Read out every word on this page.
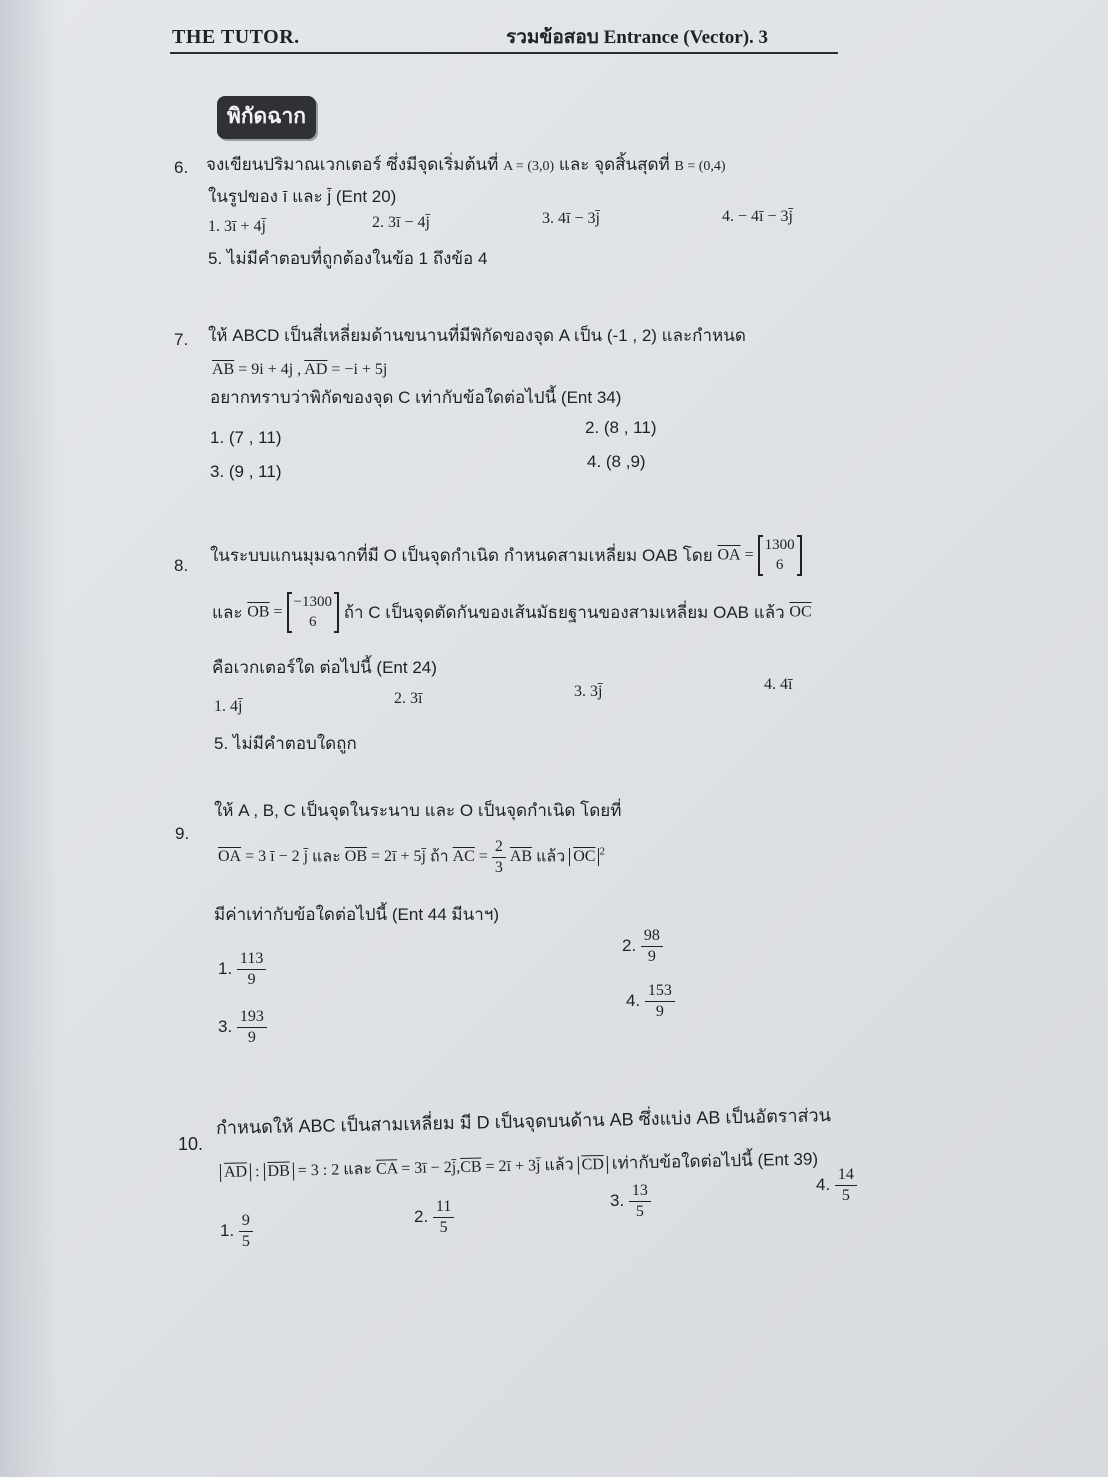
THE TUTOR.	รวมข้อสอบ Entrance (Vector). 3
พิกัดฉาก
6. จงเขียนปริมาณเวกเตอร์ ซึ่งมีจุดเริ่มต้นที่ A = (3,0) และ จุดสิ้นสุดที่ B = (0,4)
ในรูปของ ī และ j̄ (Ent 20)
1. 3ī + 4j̄	2. 3ī − 4j̄	3. 4ī − 3j̄	4. − 4ī − 3j̄
5. ไม่มีคำตอบที่ถูกต้องในข้อ 1 ถึงข้อ 4
7. ให้ ABCD เป็นสี่เหลี่ยมด้านขนานที่มีพิกัดของจุด A เป็น (-1 , 2) และกำหนด
$\overline{AB} = 9i + 4j$ , $\overline{AD} = -i + 5j$
อยากทราบว่าพิกัดของจุด C เท่ากับข้อใดต่อไปนี้ (Ent 34)
1. (7 , 11)
2. (8 , 11)
3. (9 , 11)
4. (8 ,9)
8.
ในระบบแกนมุมฉากที่มี O เป็นจุดกำเนิด กำหนดสามเหลี่ยม OAB โดย $\overline{OA}$ =
1300
6
และ $\overline{OB}$ =
−1300
6
ถ้า C เป็นจุดตัดกันของเส้นมัธยฐานของสามเหลี่ยม OAB แล้ว $\overline{OC}$
คือเวกเตอร์ใด ต่อไปนี้ (Ent 24)
1. 4j̄	2. 3ī	3. 3j̄	4. 4ī
5. ไม่มีคำตอบใดถูก
9.
ให้ A , B, C เป็นจุดในระนาบ และ O เป็นจุดกำเนิด โดยที่
$\overline{OA} = 3$ ī − 2 j̄ และ $\overline{OB}$ = 2ī + 5j̄ ถ้า $\overline{AC} = \frac{2}{3} \overline{AB}$ แล้ว $\overline{OC}$ $^2$
มีค่าเท่ากับข้อใดต่อไปนี้ (Ent 44 มีนาฯ)
1. $\frac{113}{9}$
2. $\frac{98}{9}$
3. $\frac{193}{9}$
4. $\frac{153}{9}$
10.
กำหนดให้ ABC เป็นสามเหลี่ยม มี D เป็นจุดบนด้าน AB ซึ่งแบ่ง AB เป็นอัตราส่วน
$\overline{AD}$ : $\overline{DB} = 3$ : 2 และ $\overline{CA}$ = 3ī − $2j̄,\overline{CB}$ = 2ī + 3j̄ แล้ว $\overline{CD}$ เท่ากับข้อใดต่อไปนี้ (Ent 39)
1. $\frac{9}{5}$	2. $\frac{11}{5}$	3. $\frac{13}{5}$	4. $\frac{14}{5}$
